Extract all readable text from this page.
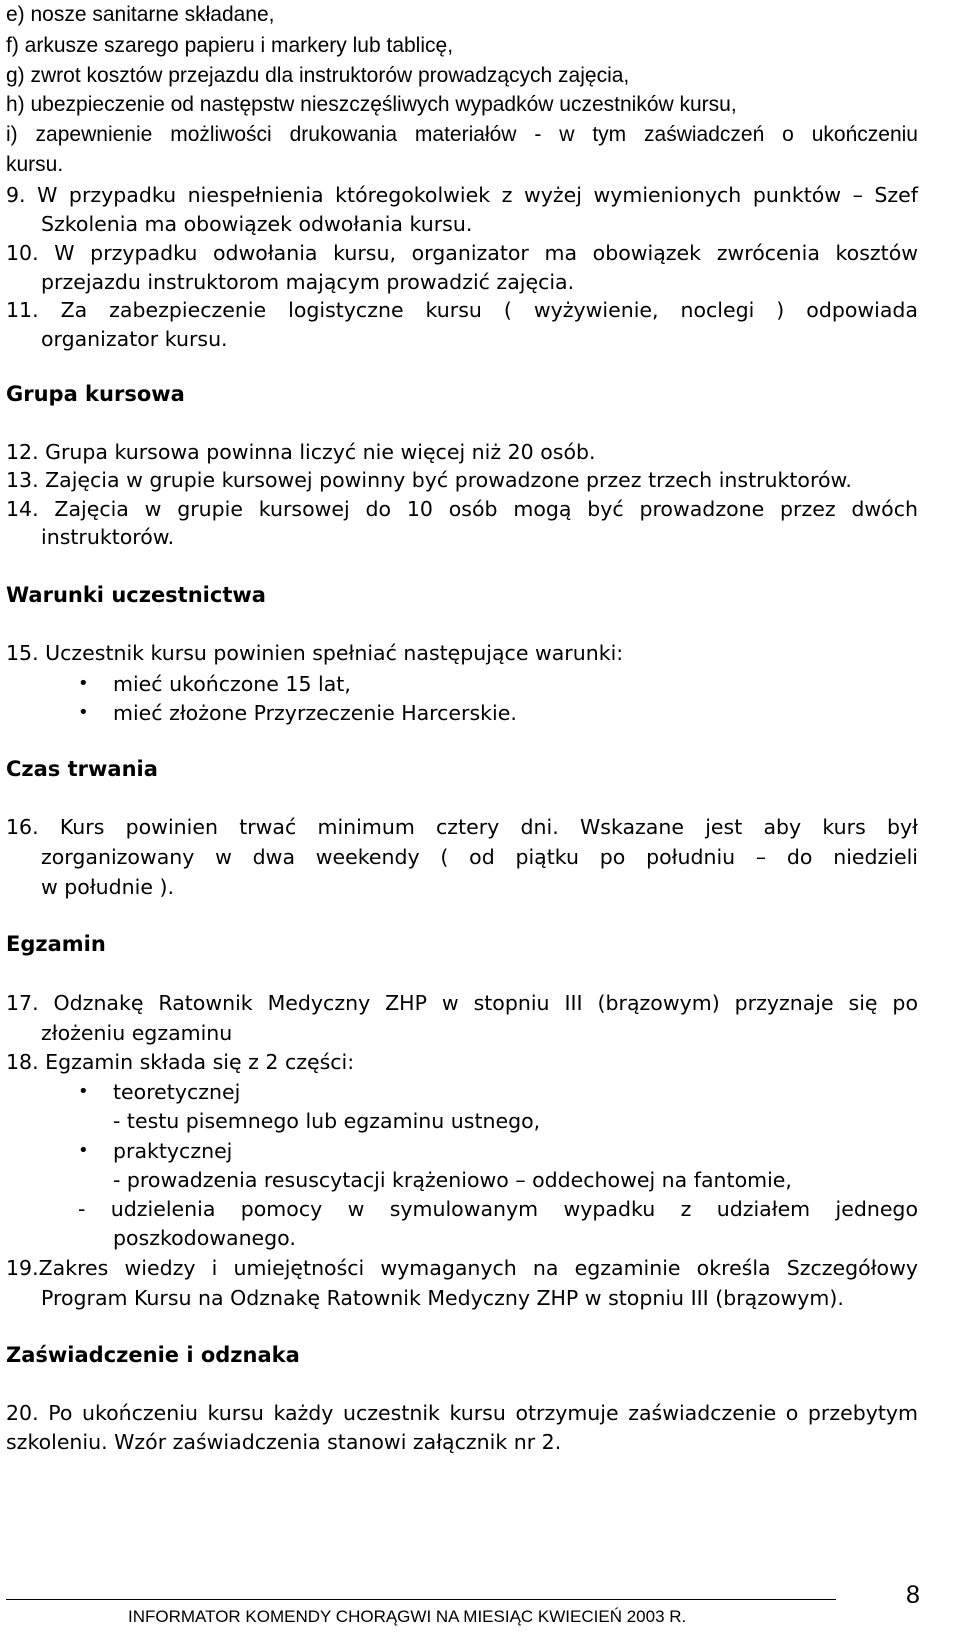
e) nosze sanitarne składane,

f) arkusze szarego papieru i markery lub tablicę,

g) zwrot kosztów przejazdu dla instruktorów prowadzących zajęcia,

h) ubezpieczenie od następstw nieszczęśliwych wypadków uczestników kursu,

i) zapewnienie możliwości drukowania materiałów - w tym zaświadczeń o ukończeniu

kursu.

9. W przypadku niespełnienia któregokolwiek z wyżej wymienionych punktów – Szef

Szkolenia ma obowiązek odwołania kursu.

10. W przypadku odwołania kursu, organizator ma obowiązek zwrócenia kosztów

przejazdu instruktorom mającym prowadzić zajęcia.

11. Za zabezpieczenie logistyczne kursu ( wyżywienie, noclegi ) odpowiada

organizator kursu.

Grupa kursowa

12. Grupa kursowa powinna liczyć nie więcej niż 20 osób.

13. Zajęcia w grupie kursowej powinny być prowadzone przez trzech instruktorów.

14. Zajęcia w grupie kursowej do 10 osób mogą być prowadzone przez dwóch

instruktorów.

Warunki uczestnictwa

15. Uczestnik kursu powinien spełniać następujące warunki:

• mieć ukończone 15 lat,

• mieć złożone Przyrzeczenie Harcerskie.

Czas trwania

16. Kurs powinien trwać minimum cztery dni. Wskazane jest aby kurs był

zorganizowany w dwa weekendy ( od piątku po południu – do niedzieli

w południe ).

Egzamin

17. Odznakę Ratownik Medyczny ZHP w stopniu III (brązowym) przyznaje się po

złożeniu egzaminu

18. Egzamin składa się z 2 części:

• teoretycznej

- testu pisemnego lub egzaminu ustnego,

• praktycznej

- prowadzenia resuscytacji krążeniowo – oddechowej na fantomie,

- udzielenia pomocy w symulowanym wypadku z udziałem jednego

poszkodowanego.

19.Zakres wiedzy i umiejętności wymaganych na egzaminie określa Szczegółowy

Program Kursu na Odznakę Ratownik Medyczny ZHP w stopniu III (brązowym).

Zaświadczenie i odznaka

20. Po ukończeniu kursu każdy uczestnik kursu otrzymuje zaświadczenie o przebytym

szkoleniu. Wzór zaświadczenia stanowi załącznik nr 2.

INFORMATOR KOMENDY CHORĄGWI NA MIESIĄC KWIECIEŃ 2003 R.
8
